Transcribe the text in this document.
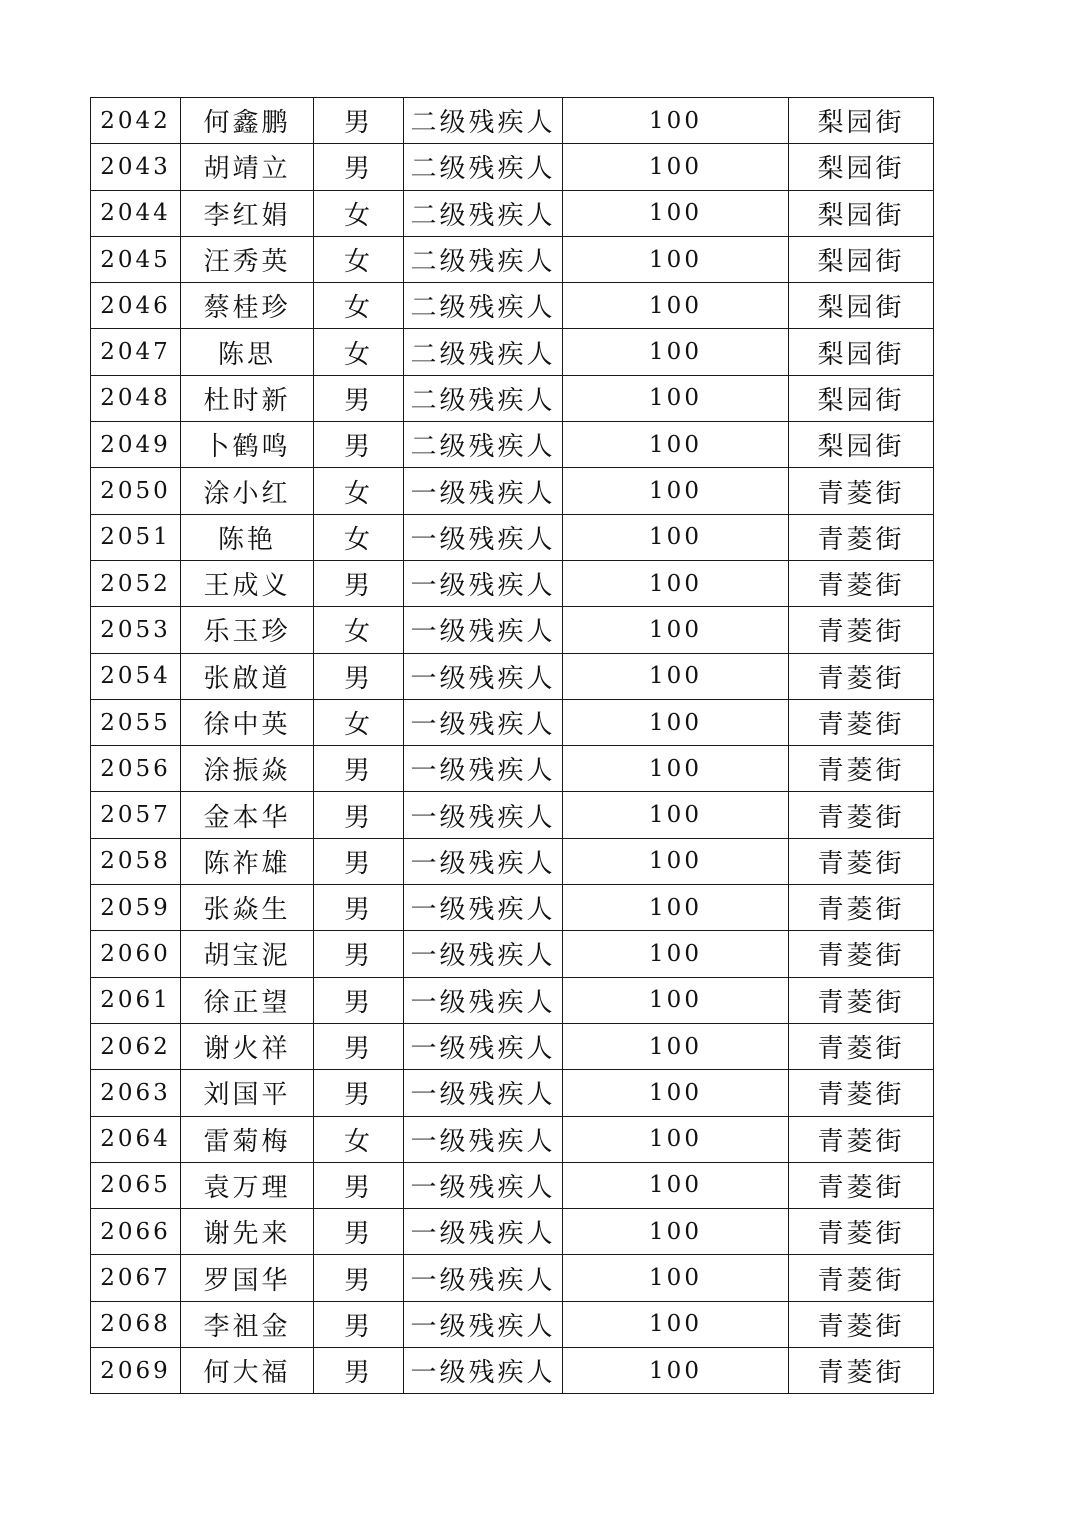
2042	何鑫鹏	男	二级残疾人	100	梨园街
2043	胡靖立	男	二级残疾人	100	梨园街
2044	李红娟	女	二级残疾人	100	梨园街
2045	汪秀英	女	二级残疾人	100	梨园街
2046	蔡桂珍	女	二级残疾人	100	梨园街
2047	陈思	女	二级残疾人	100	梨园街
2048	杜时新	男	二级残疾人	100	梨园街
2049	卜鹤鸣	男	二级残疾人	100	梨园街
2050	涂小红	女	一级残疾人	100	青菱街
2051	陈艳	女	一级残疾人	100	青菱街
2052	王成义	男	一级残疾人	100	青菱街
2053	乐玉珍	女	一级残疾人	100	青菱街
2054	张啟道	男	一级残疾人	100	青菱街
2055	徐中英	女	一级残疾人	100	青菱街
2056	涂振焱	男	一级残疾人	100	青菱街
2057	金本华	男	一级残疾人	100	青菱街
2058	陈祚雄	男	一级残疾人	100	青菱街
2059	张焱生	男	一级残疾人	100	青菱街
2060	胡宝泥	男	一级残疾人	100	青菱街
2061	徐正望	男	一级残疾人	100	青菱街
2062	谢火祥	男	一级残疾人	100	青菱街
2063	刘国平	男	一级残疾人	100	青菱街
2064	雷菊梅	女	一级残疾人	100	青菱街
2065	袁万理	男	一级残疾人	100	青菱街
2066	谢先来	男	一级残疾人	100	青菱街
2067	罗国华	男	一级残疾人	100	青菱街
2068	李祖金	男	一级残疾人	100	青菱街
2069	何大福	男	一级残疾人	100	青菱街
